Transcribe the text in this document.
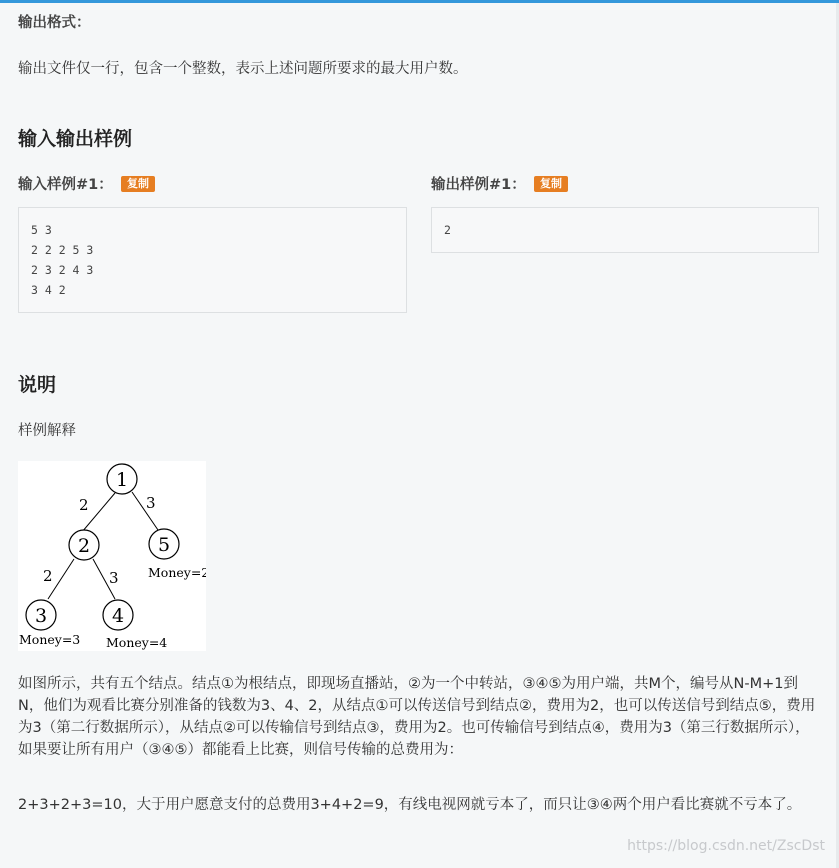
输出格式：
输出文件仅一行，包含一个整数，表示上述问题所要求的最大用户数。
输入输出样例
输入样例#1：	复制	输出样例#1：	复制
5 3
2 2 2 5 3
2 3 2 4 3
3 4 2
2
说明
样例解释
2	3
2	3
1
2	5
3	4
Money=2
Money=3 Money=4
如图所示，共有五个结点。结点①为根结点，即现场直播站，②为一个中转站，③④⑤为用户端，共M个，编号从N-M+1到N，他们为观看比赛分别准备的钱数为3、4、2，从结点①可以传送信号到结点②，费用为2，也可以传送信号到结点⑤，费用为3（第二行数据所示），从结点②可以传输信号到结点③，费用为2。也可传输信号到结点④，费用为3（第三行数据所示），如果要让所有用户（③④⑤）都能看上比赛，则信号传输的总费用为：
2+3+2+3=10，大于用户愿意支付的总费用3+4+2=9，有线电视网就亏本了，而只让③④两个用户看比赛就不亏本了。
https://blog.csdn.net/ZscDst
